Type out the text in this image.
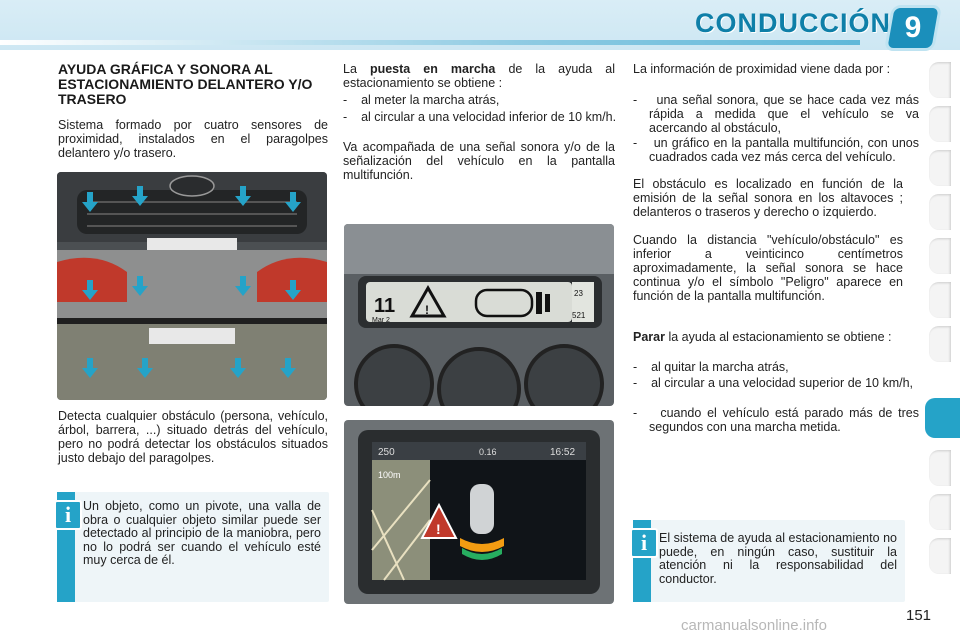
CONDUCCIÓN 9
AYUDA GRÁFICA Y SONORA AL ESTACIONAMIENTO DELANTERO Y/O TRASERO

Sistema formado por cuatro sensores de proximidad, instalados en el paragolpes delantero y/o trasero.

Detecta cualquier obstáculo (persona, vehículo, árbol, barrera, ...) situado detrás del vehículo, pero no podrá detectar los obstáculos situados justo debajo del paragolpes.

i Un objeto, como un pivote, una valla de obra o cualquier objeto similar puede ser detectado al principio de la maniobra, pero no lo podrá ser cuando el vehículo esté muy cerca de él.

La puesta en marcha de la ayuda al estacionamiento se obtiene :

-    al meter la marcha atrás,

-    al circular a una velocidad inferior de 10 km/h.

Va acompañada de una señal sonora y/o de la señalización del vehículo en la pantalla multifunción.

11
Mar 2
!
23
521
250	0.16	16:52
100m
!

La información de proximidad viene dada por :

-    una señal sonora, que se hace cada vez más rápida a medida que el vehículo se va acercando al obstáculo,

-    un gráfico en la pantalla multifunción, con unos cuadrados cada vez más cerca del vehículo.

El obstáculo es localizado en función de la emisión de la señal sonora en los altavoces ; delanteros o traseros y derecho o izquierdo.

Cuando la distancia "vehículo/obstáculo" es inferior a veinticinco centímetros aproximadamente, la señal sonora se hace continua y/o el símbolo "Peligro" aparece en función de la pantalla multifunción.

Parar la ayuda al estacionamiento se obtiene :

-    al quitar la marcha atrás,

-    al circular a una velocidad superior de 10 km/h,

-    cuando el vehículo está parado más de tres segundos con una marcha metida.

i El sistema de ayuda al estacionamiento no puede, en ningún caso, sustituir la atención ni la responsabilidad del conductor.
151
carmanualsonline.info
